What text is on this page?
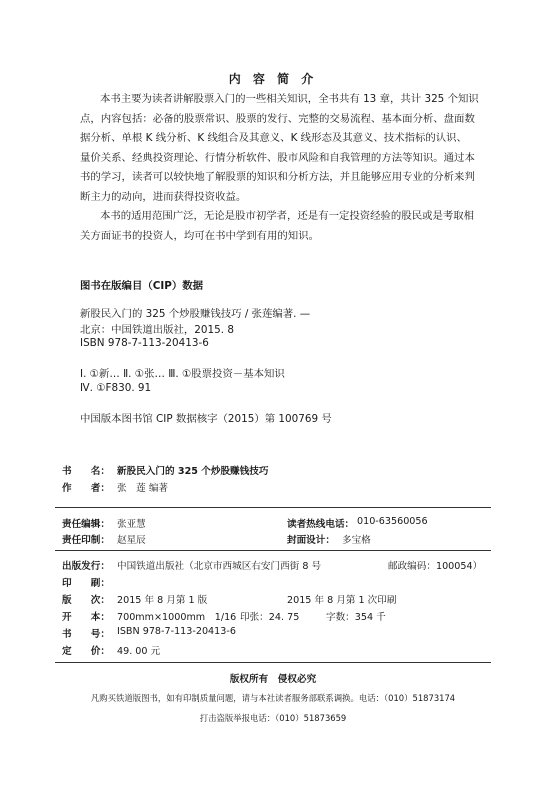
内 容 简 介
本书主要为读者讲解股票入门的一些相关知识，全书共有 13 章，共计 325 个知识
点，内容包括：必备的股票常识、股票的发行、完整的交易流程、基本面分析、盘面数
据分析、单根 K 线分析、K 线组合及其意义、K 线形态及其意义、技术指标的认识、
量价关系、经典投资理论、行情分析软件、股市风险和自我管理的方法等知识。通过本
书的学习，读者可以较快地了解股票的知识和分析方法，并且能够应用专业的分析来判
断主力的动向，进而获得投资收益。
本书的适用范围广泛，无论是股市初学者，还是有一定投资经验的股民或是考取相
关方面证书的投资人，均可在书中学到有用的知识。
图书在版编目（CIP）数据
新股民入门的 325 个炒股赚钱技巧 / 张莲编著. —
北京：中国铁道出版社，2015. 8
ISBN 978-7-113-20413-6
Ⅰ. ①新… Ⅱ. ①张… Ⅲ. ①股票投资－基本知识
Ⅳ. ①F830. 91
中国版本图书馆 CIP 数据核字（2015）第 100769 号
书　　名： 新股民入门的 325 个炒股赚钱技巧
作　　者： 张　莲 编著
责任编辑： 张亚慧	读者热线电话： 010-63560056
责任印制： 赵星辰	封面设计： 多宝格
出版发行： 中国铁道出版社（北京市西城区右安门西街 8 号	邮政编码：100054）
印　　刷：
版　　次： 2015 年 8 月第 1 版	2015 年 8 月第 1 次印刷
开　　本： 700mm×1000mm　1/16 印张：24. 75	字数：354 千
书　　号： ISBN 978-7-113-20413-6
定　　价： 49. 00 元
版权所有　侵权必究
凡购买铁道版图书，如有印制质量问题，请与本社读者服务部联系调换。电话：（010）51873174
打击盗版举报电话：（010）51873659
